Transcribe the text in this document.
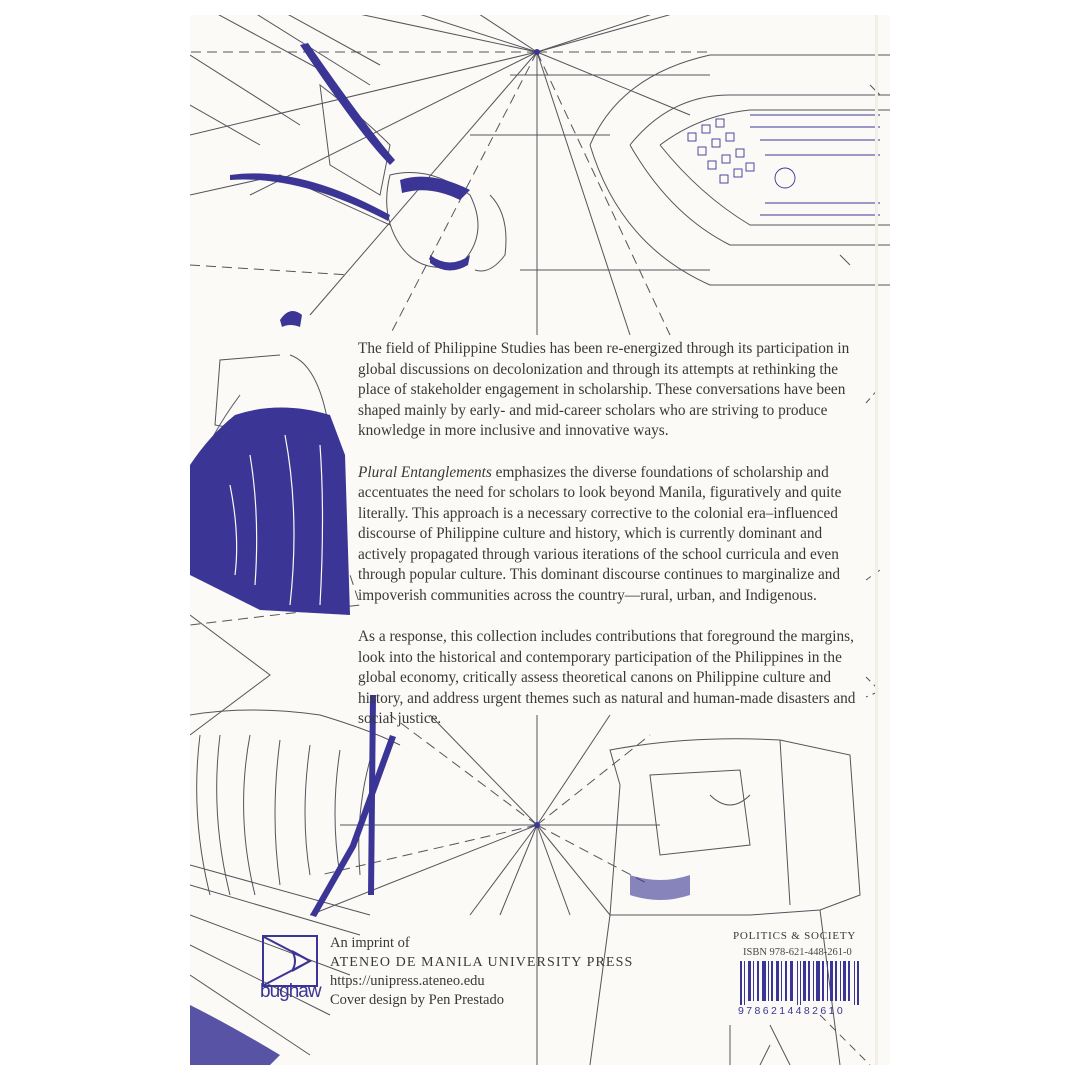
The field of Philippine Studies has been re-energized through its participation in global discussions on decolonization and through its attempts at rethinking the place of stakeholder engagement in scholarship. These conversations have been shaped mainly by early- and mid-career scholars who are striving to produce knowledge in more inclusive and innovative ways.

Plural Entanglements emphasizes the diverse foundations of scholarship and accentuates the need for scholars to look beyond Manila, figuratively and quite literally. This approach is a necessary corrective to the colonial era–influenced discourse of Philippine culture and history, which is currently dominant and actively propagated through various iterations of the school curricula and even through popular culture. This dominant discourse continues to marginalize and impoverish communities across the country—rural, urban, and Indigenous.

As a response, this collection includes contributions that foreground the margins, look into the historical and contemporary participation of the Philippines in the global economy, critically assess theoretical canons on Philippine culture and history, and address urgent themes such as natural and human-made disasters and social justice.

bughaw
An imprint of
ATENEO DE MANILA UNIVERSITY PRESS
https://unipress.ateneo.edu
Cover design by Pen Prestado
POLITICS & SOCIETY
ISBN 978-621-448-261-0
9786214482610
